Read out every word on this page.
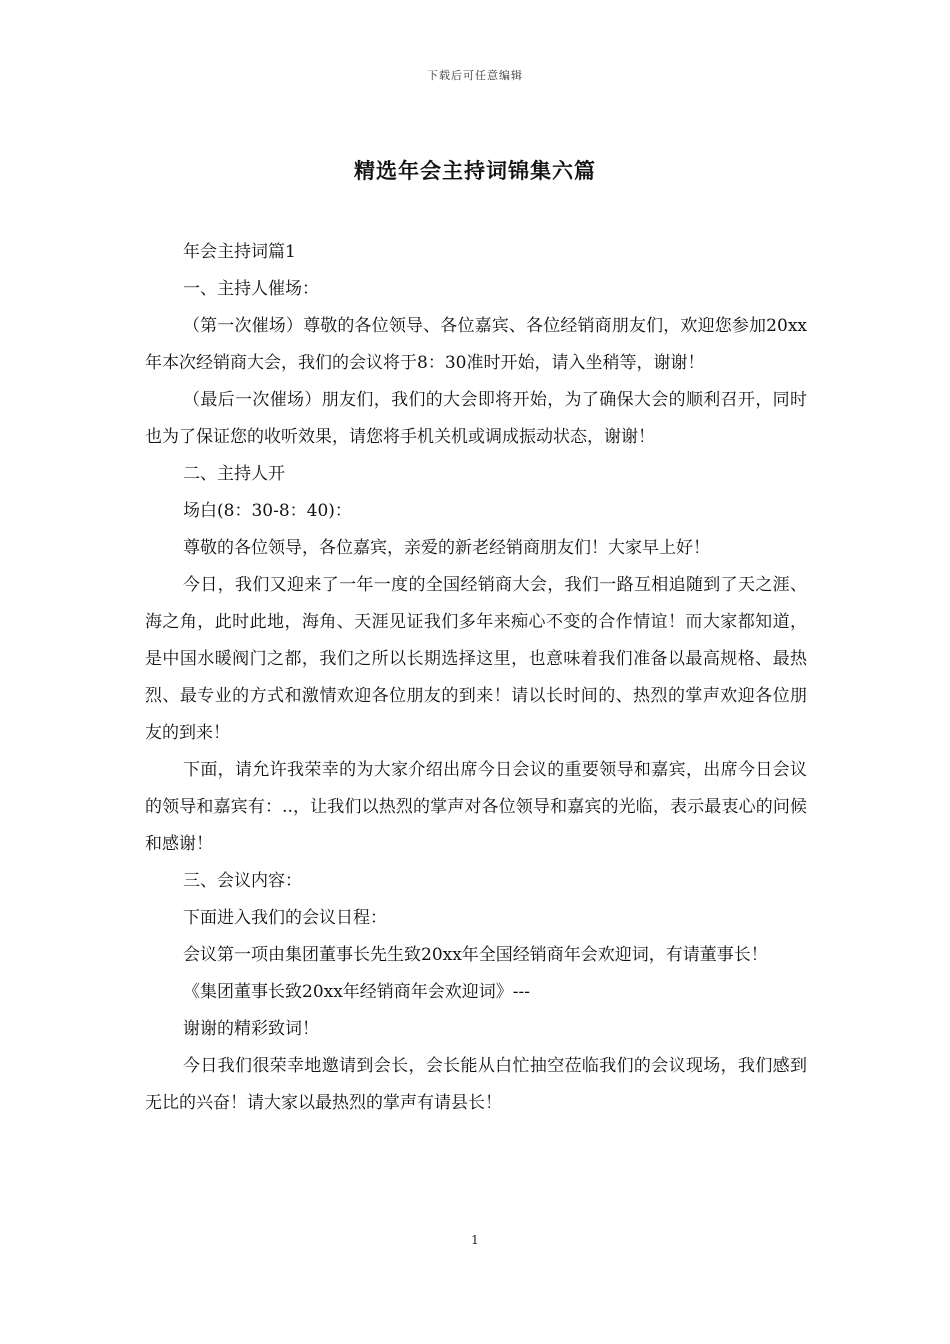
下载后可任意编辑
精选年会主持词锦集六篇

年会主持词篇1

一、主持人催场：

（第一次催场）尊敬的各位领导、各位嘉宾、各位经销商朋友们，欢迎您参加20xx年本次经销商大会，我们的会议将于8：30准时开始，请入坐稍等，谢谢！

（最后一次催场）朋友们，我们的大会即将开始，为了确保大会的顺利召开，同时也为了保证您的收听效果，请您将手机关机或调成振动状态，谢谢！

二、主持人开

场白(8：30-8：40)：

尊敬的各位领导，各位嘉宾，亲爱的新老经销商朋友们！大家早上好！

今日，我们又迎来了一年一度的全国经销商大会，我们一路互相追随到了天之涯、海之角，此时此地，海角、天涯见证我们多年来痴心不变的合作情谊！而大家都知道，是中国水暖阀门之都，我们之所以长期选择这里，也意味着我们准备以最高规格、最热烈、最专业的方式和激情欢迎各位朋友的到来！请以长时间的、热烈的掌声欢迎各位朋友的到来！

下面，请允许我荣幸的为大家介绍出席今日会议的重要领导和嘉宾，出席今日会议的领导和嘉宾有：..，让我们以热烈的掌声对各位领导和嘉宾的光临，表示最衷心的问候和感谢！

三、会议内容：

下面进入我们的会议日程：

会议第一项由集团董事长先生致20xx年全国经销商年会欢迎词，有请董事长！

《集团董事长致20xx年经销商年会欢迎词》---

谢谢的精彩致词！

今日我们很荣幸地邀请到会长，会长能从白忙抽空莅临我们的会议现场，我们感到无比的兴奋！请大家以最热烈的掌声有请县长！

1
